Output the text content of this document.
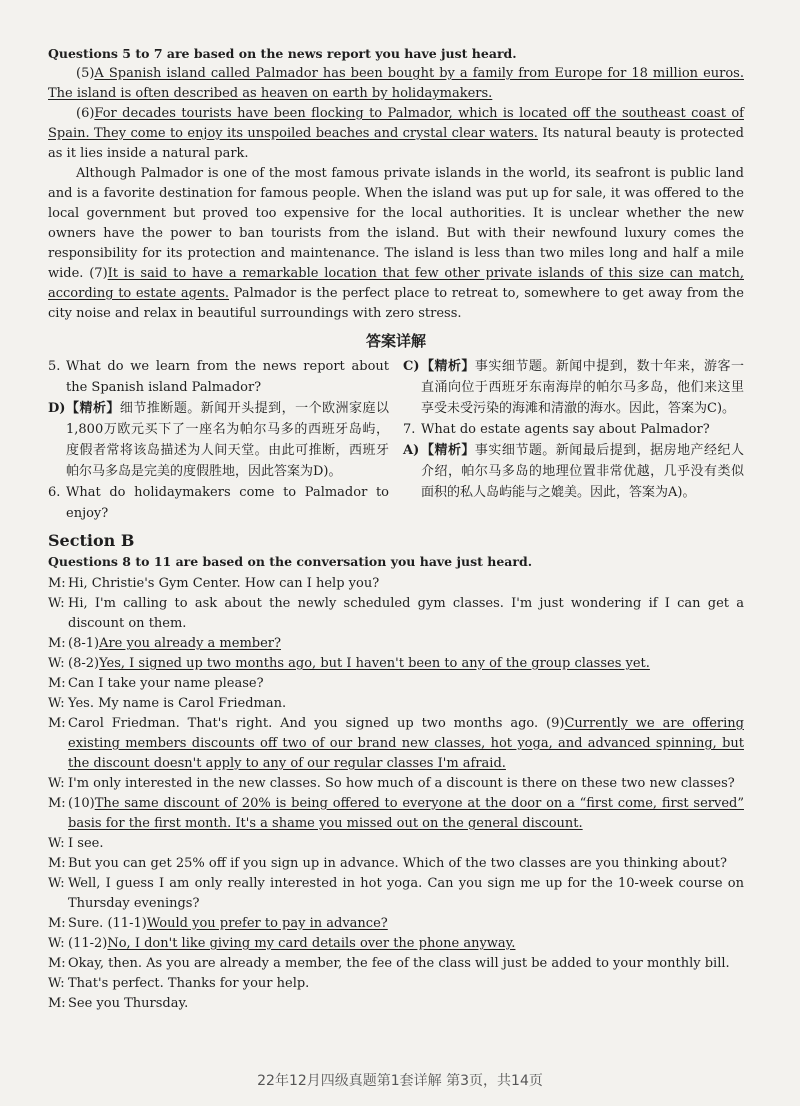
Questions 5 to 7 are based on the news report you have just heard.

(5)A Spanish island called Palmador has been bought by a family from Europe for 18 million euros. The island is often described as heaven on earth by holidaymakers.

(6)For decades tourists have been flocking to Palmador, which is located off the southeast coast of Spain. They come to enjoy its unspoiled beaches and crystal clear waters. Its natural beauty is protected as it lies inside a natural park.

Although Palmador is one of the most famous private islands in the world, its seafront is public land and is a favorite destination for famous people. When the island was put up for sale, it was offered to the local government but proved too expensive for the local authorities. It is unclear whether the new owners have the power to ban tourists from the island. But with their newfound luxury comes the responsibility for its protection and maintenance. The island is less than two miles long and half a mile wide. (7)It is said to have a remarkable location that few other private islands of this size can match, according to estate agents. Palmador is the perfect place to retreat to, somewhere to get away from the city noise and relax in beautiful surroundings with zero stress.

答案详解
5. What do we learn from the news report about the Spanish island Palmador?
D) 【精析】细节推断题。新闻开头提到，一个欧洲家庭以1,800万欧元买下了一座名为帕尔马多的西班牙岛屿，度假者常将该岛描述为人间天堂。由此可推断，西班牙帕尔马多岛是完美的度假胜地，因此答案为D)。
6. What do holidaymakers come to Palmador to enjoy?
C) 【精析】事实细节题。新闻中提到，数十年来，游客一直涌向位于西班牙东南海岸的帕尔马多岛，他们来这里享受未受污染的海滩和清澈的海水。因此，答案为C)。
7. What do estate agents say about Palmador?
A) 【精析】事实细节题。新闻最后提到，据房地产经纪人介绍，帕尔马多岛的地理位置非常优越，几乎没有类似面积的私人岛屿能与之媲美。因此，答案为A)。
Section B

Questions 8 to 11 are based on the conversation you have just heard.

M: Hi, Christie's Gym Center. How can I help you?
W: Hi, I'm calling to ask about the newly scheduled gym classes. I'm just wondering if I can get a discount on them.
M: (8-1)Are you already a member?
W: (8-2)Yes, I signed up two months ago, but I haven't been to any of the group classes yet.
M: Can I take your name please?
W: Yes. My name is Carol Friedman.
M: Carol Friedman. That's right. And you signed up two months ago. (9)Currently we are offering existing members discounts off two of our brand new classes, hot yoga, and advanced spinning, but the discount doesn't apply to any of our regular classes I'm afraid.
W: I'm only interested in the new classes. So how much of a discount is there on these two new classes?
M: (10)The same discount of 20% is being offered to everyone at the door on a “first come, first served” basis for the first month. It's a shame you missed out on the general discount.
W: I see.
M: But you can get 25% off if you sign up in advance. Which of the two classes are you thinking about?
W: Well, I guess I am only really interested in hot yoga. Can you sign me up for the 10-week course on Thursday evenings?
M: Sure. (11-1)Would you prefer to pay in advance?
W: (11-2)No, I don't like giving my card details over the phone anyway.
M: Okay, then. As you are already a member, the fee of the class will just be added to your monthly bill.
W: That's perfect. Thanks for your help.
M: See you Thursday.
22年12月四级真题第1套详解 第3页，共14页
